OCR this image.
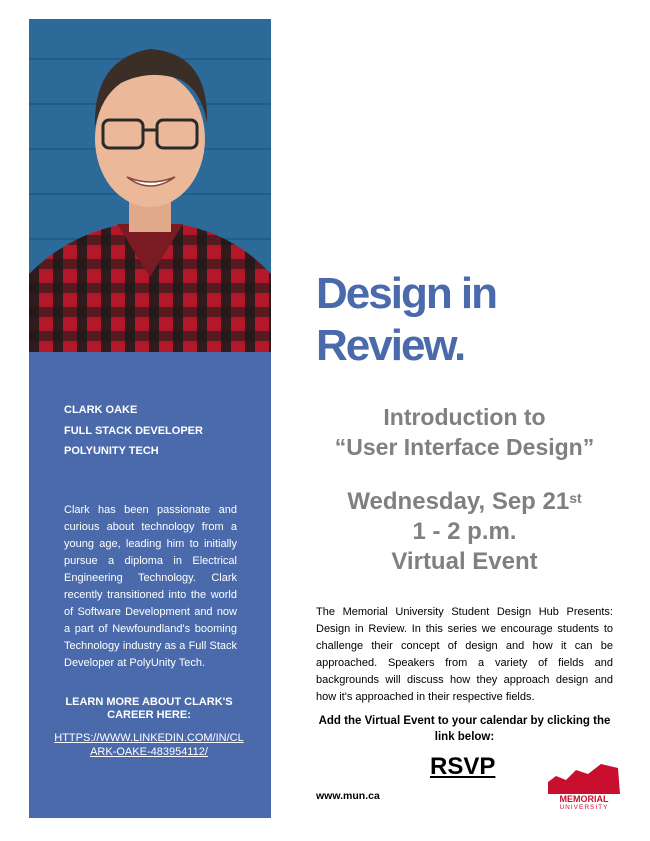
CLARK OAKE
FULL STACK DEVELOPER
POLYUNITY TECH
Clark has been passionate and curious about technology from a young age, leading him to initially pursue a diploma in Electrical Engineering Technology. Clark recently transitioned into the world of Software Development and now a part of Newfoundland's booming Technology industry as a Full Stack Developer at PolyUnity Tech.
LEARN MORE ABOUT CLARK'S CAREER HERE:
HTTPS://WWW.LINKEDIN.COM/IN/CLARK-OAKE-483954112/
Design in
Review.
Introduction to
“User Interface Design”
Wednesday, Sep 21st
1 - 2 p.m.
Virtual Event
The Memorial University Student Design Hub Presents: Design in Review. In this series we encourage students to challenge their concept of design and how it can be approached. Speakers from a variety of fields and backgrounds will discuss how they approach design and how it's approached in their respective fields.
Add the Virtual Event to your calendar by clicking the link below:
RSVP
www.mun.ca	MEMORIAL
UNIVERSITY
